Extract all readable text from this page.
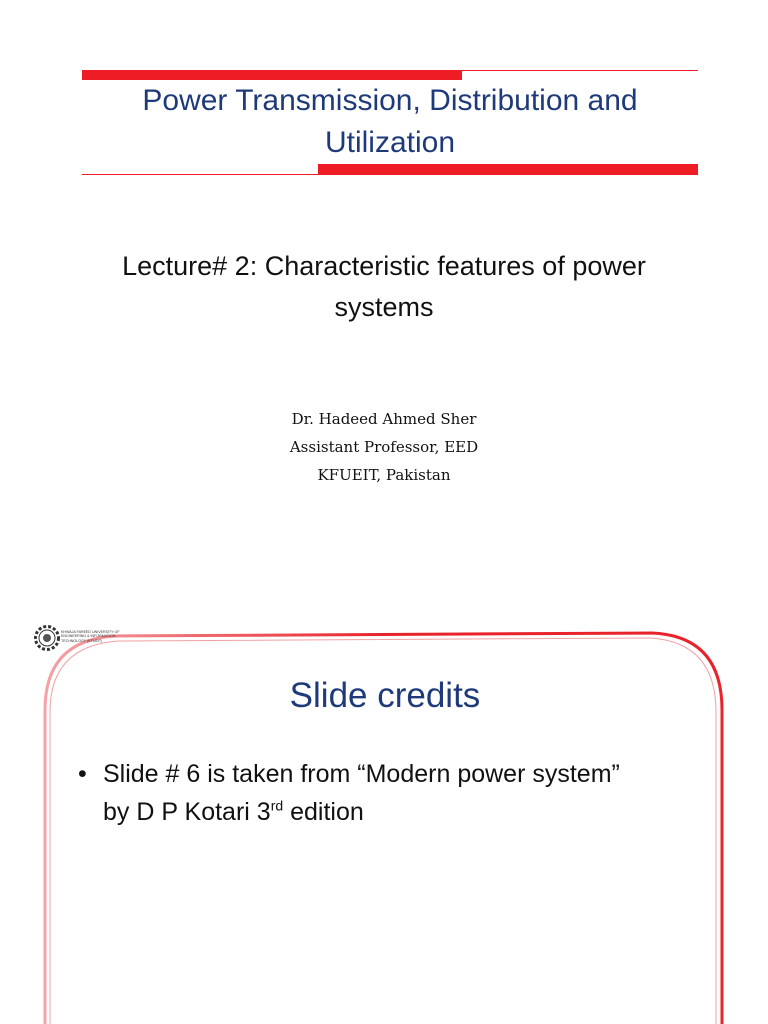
Power Transmission, Distribution and Utilization
Lecture# 2: Characteristic features of power systems
Dr. Hadeed Ahmed Sher
Assistant Professor, EED
KFUEIT, Pakistan
KHWAJA FAREED UNIVERSITY OF
ENGINEERING & INFORMATION
TECHNOLOGY (KFUEIT)
Slide credits
• Slide # 6 is taken from “Modern power system” by D P Kotari 3rd edition
